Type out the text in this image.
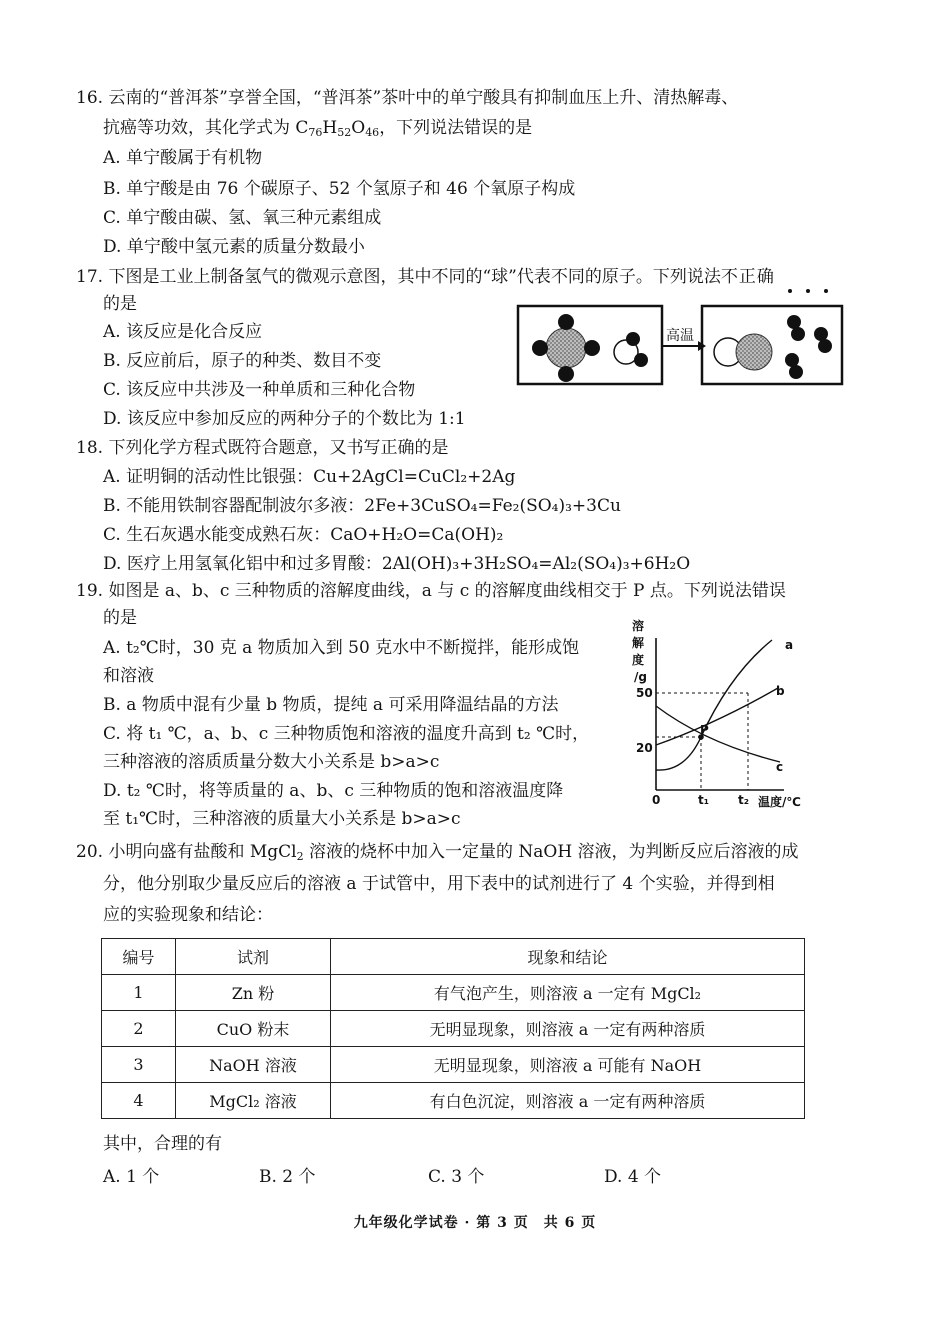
16. 云南的“普洱茶”享誉全国，“普洱茶”茶叶中的单宁酸具有抑制血压上升、清热解毒、
抗癌等功效，其化学式为 $C_{76}H_{52}O_{46}$，下列说法错误的是
A. 单宁酸属于有机物
B. 单宁酸是由 76 个碳原子、52 个氢原子和 46 个氧原子构成
C. 单宁酸由碳、氢、氧三种元素组成
D. 单宁酸中氢元素的质量分数最小
17. 下图是工业上制备氢气的微观示意图，其中不同的“球”代表不同的原子。下列说法不正确
的是
A. 该反应是化合反应
B. 反应前后，原子的种类、数目不变
C. 该反应中共涉及一种单质和三种化合物
D. 该反应中参加反应的两种分子的个数比为 1:1
高温
18. 下列化学方程式既符合题意，又书写正确的是
A. 证明铜的活动性比银强：Cu+2AgCl=CuCl₂+2Ag
B. 不能用铁制容器配制波尔多液：2Fe+3CuSO₄=Fe₂(SO₄)₃+3Cu
C. 生石灰遇水能变成熟石灰：CaO+H₂O=Ca(OH)₂
D. 医疗上用氢氧化铝中和过多胃酸：2Al(OH)₃+3H₂SO₄=Al₂(SO₄)₃+6H₂O
19. 如图是 a、b、c 三种物质的溶解度曲线，a 与 c 的溶解度曲线相交于 P 点。下列说法错误
的是
A. t₂℃时，30 克 a 物质加入到 50 克水中不断搅拌，能形成饱
和溶液
B. a 物质中混有少量 b 物质，提纯 a 可采用降温结晶的方法
C. 将 t₁ ℃，a、b、c 三种物质饱和溶液的温度升高到 t₂ ℃时，
三种溶液的溶质质量分数大小关系是 b>a>c
D. t₂ ℃时，将等质量的 a、b、c 三种物质的饱和溶液温度降
至 t₁℃时，三种溶液的质量大小关系是 b>a>c
溶
解
度
/g
50
20
0	t₁ t₂ 温度/℃
P
a
b
c
20. 小明向盛有盐酸和 MgCl$_2$ 溶液的烧杯中加入一定量的 NaOH 溶液，为判断反应后溶液的成
分，他分别取少量反应后的溶液 a 于试管中，用下表中的试剂进行了 4 个实验，并得到相
应的实验现象和结论：
编号	试剂	现象和结论
1	Zn 粉	有气泡产生，则溶液 a 一定有 MgCl₂
2	CuO 粉末	无明显现象，则溶液 a 一定有两种溶质
3	NaOH 溶液	无明显现象，则溶液 a 可能有 NaOH
4	MgCl₂ 溶液	有白色沉淀，则溶液 a 一定有两种溶质
其中，合理的有
A. 1 个	B. 2 个	C. 3 个	D. 4 个
九年级化学试卷 · 第 3 页　共 6 页
